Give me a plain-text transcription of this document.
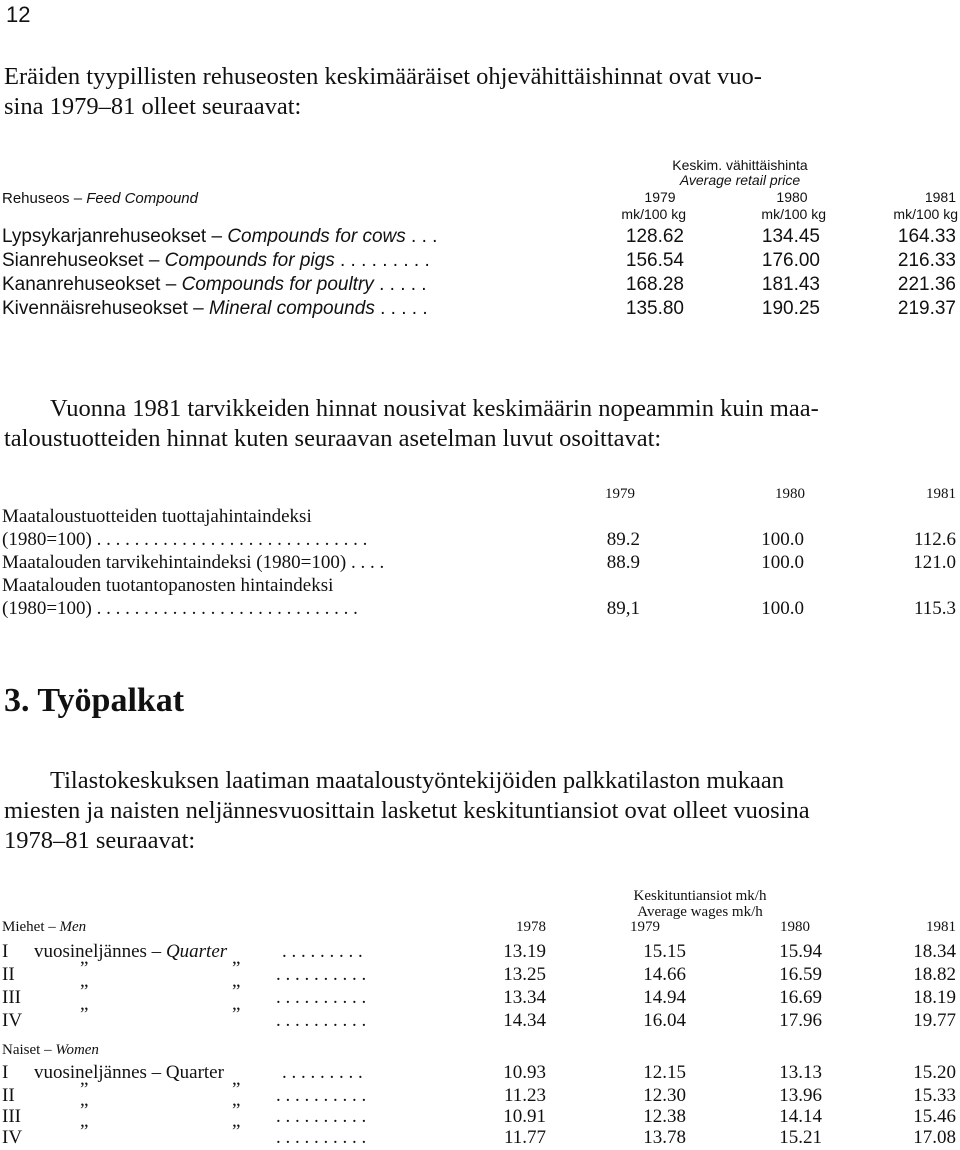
12
Eräiden tyypillisten rehuseosten keskimääräiset ohjevähittäishinnat ovat vuo-
sina 1979–81 olleet seuraavat:
Keskim. vähittäishinta
Average retail price
Rehuseos – Feed Compound	1979	1980	1981
mk/100 kg	mk/100 kg	mk/100 kg
Lypsykarjanrehuseokset – Compounds for cows . . .	128.62	134.45	164.33
Sianrehuseokset – Compounds for pigs . . . . . . . . .	156.54	176.00	216.33
Kananrehuseokset – Compounds for poultry . . . . .	168.28	181.43	221.36
Kivennäisrehuseokset – Mineral compounds . . . . .	135.80	190.25	219.37
Vuonna 1981 tarvikkeiden hinnat nousivat keskimäärin nopeammin kuin maa-
taloustuotteiden hinnat kuten seuraavan asetelman luvut osoittavat:
1979	1980	1981
Maataloustuotteiden tuottajahintaindeksi
(1980=100) . . . . . . . . . . . . . . . . . . . . . . . . . . . . .	89.2	100.0	112.6
Maatalouden tarvikehintaindeksi (1980=100) . . . .	88.9	100.0	121.0
Maatalouden tuotantopanosten hintaindeksi
(1980=100) . . . . . . . . . . . . . . . . . . . . . . . . . . . .	89,1	100.0	115.3
3. Työpalkat
Tilastokeskuksen laatiman maataloustyöntekijöiden palkkatilaston mukaan
miesten ja naisten neljännesvuosittain lasketut keskituntiansiot ovat olleet vuosina
1978–81 seuraavat:
Keskituntiansiot mk/h
Average wages mk/h
Miehet – Men	1978	1979	1980	1981
I vuosineljännes – Quarter	. . . . . . . . .	13.19	15.15	15.94	18.34
II	”	” . . . . . . . . . .	13.25	14.66	16.59	18.82
III	”	” . . . . . . . . . .	13.34	14.94	16.69	18.19
IV	”	” . . . . . . . . . .	14.34	16.04	17.96	19.77
Naiset – Women
I vuosineljännes – Quarter	. . . . . . . . .	10.93	12.15	13.13	15.20
II	”	” . . . . . . . . . .	11.23	12.30	13.96	15.33
III	”	” . . . . . . . . . .	10.91	12.38	14.14	15.46
IV	”	” . . . . . . . . . .	11.77	13.78	15.21	17.08
